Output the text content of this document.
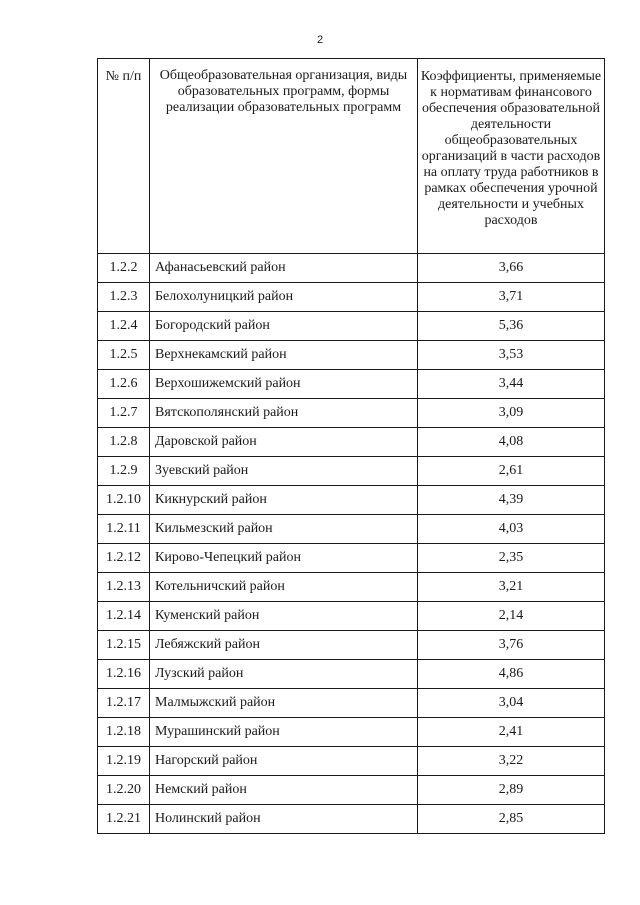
2
№ п/п	Общеобразовательная организация, виды образовательных программ, формы реализации образовательных программ	Коэффициенты, применяемые к нормативам финансового обеспечения образовательной деятельности общеобразовательных организаций в части расходов на оплату труда работников в рамках обеспечения урочной деятельности и учебных расходов
1.2.2	Афанасьевский район	3,66
1.2.3	Белохолуницкий район	3,71
1.2.4	Богородский район	5,36
1.2.5	Верхнекамский район	3,53
1.2.6	Верхошижемский район	3,44
1.2.7	Вятскополянский район	3,09
1.2.8	Даровской район	4,08
1.2.9	Зуевский район	2,61
1.2.10	Кикнурский район	4,39
1.2.11	Кильмезский район	4,03
1.2.12	Кирово-Чепецкий район	2,35
1.2.13	Котельничский район	3,21
1.2.14	Куменский район	2,14
1.2.15	Лебяжский район	3,76
1.2.16	Лузский район	4,86
1.2.17	Малмыжский район	3,04
1.2.18	Мурашинский район	2,41
1.2.19	Нагорский район	3,22
1.2.20	Немский район	2,89
1.2.21	Нолинский район	2,85
